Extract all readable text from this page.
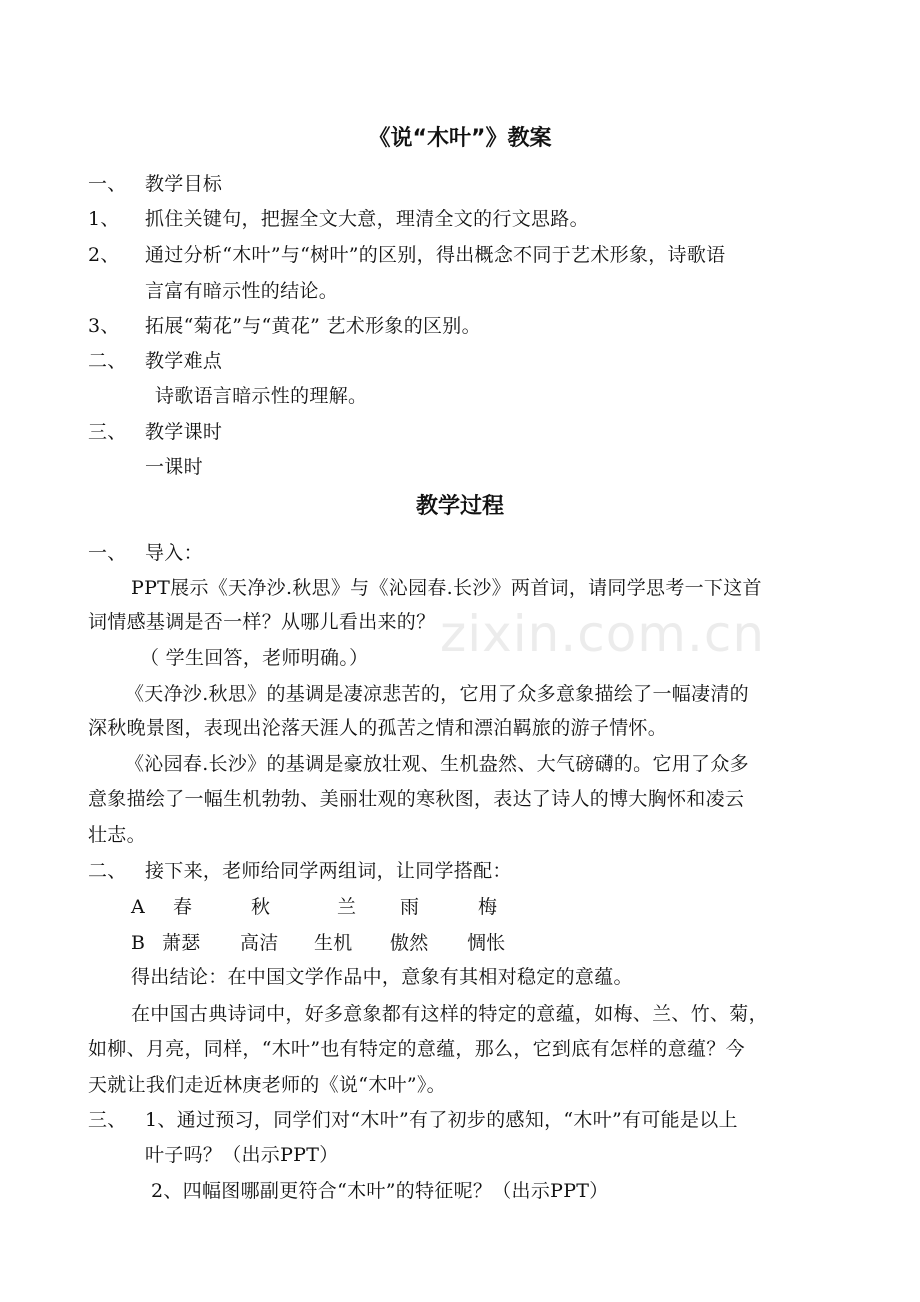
《说“木叶”》教案
一、 教学目标
1、 抓住关键句，把握全文大意，理清全文的行文思路。
2、 通过分析“木叶”与“树叶”的区别，得出概念不同于艺术形象，诗歌语
言富有暗示性的结论。
3、 拓展“菊花”与“黄花” 艺术形象的区别。
二、 教学难点
诗歌语言暗示性的理解。
三、 教学课时
一课时
教学过程
一、 导入：
PPT展示《天净沙.秋思》与《沁园春.长沙》两首词，请同学思考一下这首
词情感基调是否一样？从哪儿看出来的？
（ 学生回答，老师明确。）
《天净沙.秋思》的基调是凄凉悲苦的，它用了众多意象描绘了一幅凄清的
深秋晚景图，表现出沦落天涯人的孤苦之情和漂泊羁旅的游子情怀。
《沁园春.长沙》的基调是豪放壮观、生机盎然、大气磅礴的。它用了众多
意象描绘了一幅生机勃勃、美丽壮观的寒秋图，表达了诗人的博大胸怀和凌云
壮志。
二、 接下来，老师给同学两组词，让同学搭配：
A 春	秋	兰 雨	梅
B 萧瑟 高洁 生机 傲然 惆怅
得出结论：在中国文学作品中，意象有其相对稳定的意蕴。
在中国古典诗词中，好多意象都有这样的特定的意蕴，如梅、兰、竹、菊，
如柳、月亮，同样，“木叶”也有特定的意蕴，那么，它到底有怎样的意蕴？今
天就让我们走近林庚老师的《说“木叶”》。
三、 1、通过预习，同学们对“木叶”有了初步的感知，“木叶”有可能是以上
叶子吗？（出示PPT）
2、四幅图哪副更符合“木叶”的特征呢？（出示PPT）
zixin.com.cn
